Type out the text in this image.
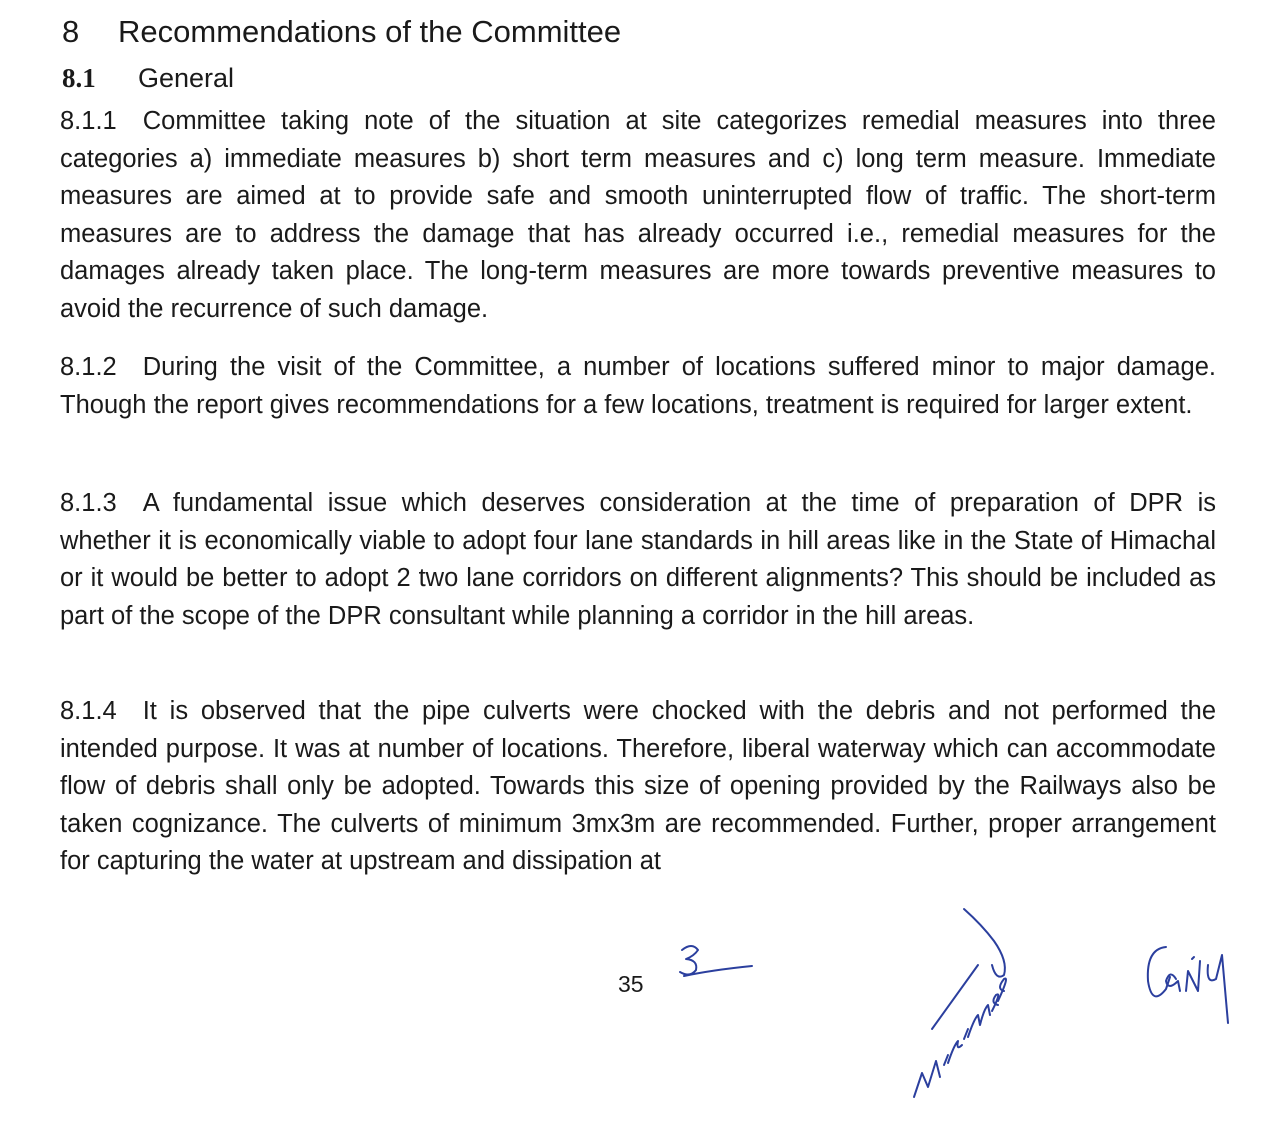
8 Recommendations of the Committee
8.1 General

8.1.1 Committee taking note of the situation at site categorizes remedial measures into three categories a) immediate measures b) short term measures and c) long term measure. Immediate measures are aimed at to provide safe and smooth uninterrupted flow of traffic. The short-term measures are to address the damage that has already occurred i.e., remedial measures for the damages already taken place. The long-term measures are more towards preventive measures to avoid the recurrence of such damage.

8.1.2 During the visit of the Committee, a number of locations suffered minor to major damage. Though the report gives recommendations for a few locations, treatment is required for larger extent.

8.1.3 A fundamental issue which deserves consideration at the time of preparation of DPR is whether it is economically viable to adopt four lane standards in hill areas like in the State of Himachal or it would be better to adopt 2 two lane corridors on different alignments? This should be included as part of the scope of the DPR consultant while planning a corridor in the hill areas.

8.1.4 It is observed that the pipe culverts were chocked with the debris and not performed the intended purpose. It was at number of locations. Therefore, liberal waterway which can accommodate flow of debris shall only be adopted. Towards this size of opening provided by the Railways also be taken cognizance. The culverts of minimum 3mx3m are recommended. Further, proper arrangement for capturing the water at upstream and dissipation at

35
